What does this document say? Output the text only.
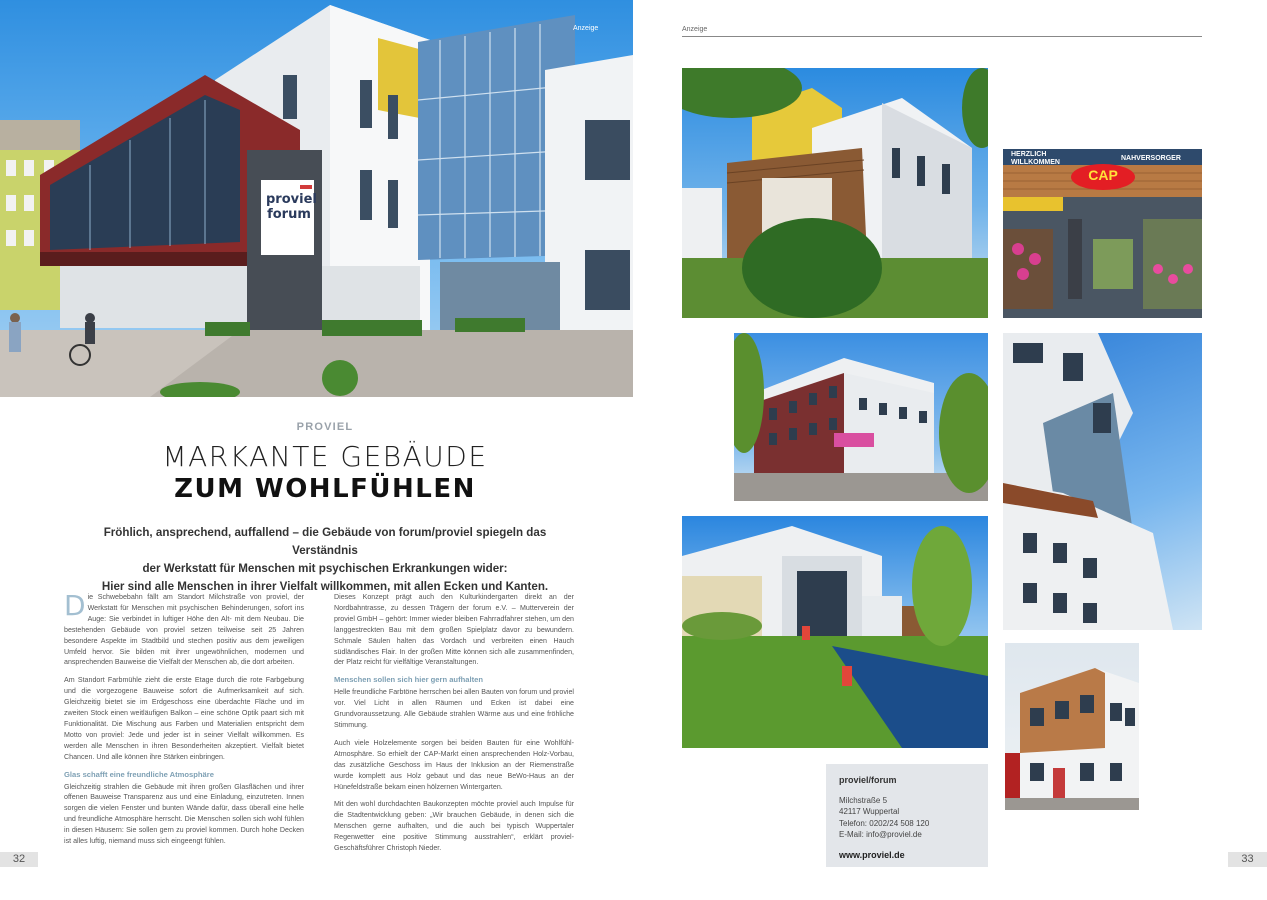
proviel
forum
Anzeige
PROVIEL
MARKANTE GEBÄUDE
ZUM WOHLFÜHLEN
Fröhlich, ansprechend, auffallend – die Gebäude von forum/proviel spiegeln das Verständnis
der Werkstatt für Menschen mit psychischen Erkrankungen wider:
Hier sind alle Menschen in ihrer Vielfalt willkommen, mit allen Ecken und Kanten.

Die Schwebebahn fällt am Standort Milchstraße von proviel, der Werkstatt für Menschen mit psychischen Behinderungen, sofort ins Auge: Sie verbindet in luftiger Höhe den Alt- mit dem Neubau. Die bestehenden Gebäude von proviel setzen teilweise seit 25 Jahren besondere Aspekte im Stadtbild und stechen positiv aus dem jeweiligen Umfeld hervor. Sie bilden mit ihrer ungewöhnlichen, modernen und ansprechenden Bauweise die Vielfalt der Menschen ab, die dort arbeiten.

Am Standort Farbmühle zieht die erste Etage durch die rote Farbgebung und die vorgezogene Bauweise sofort die Aufmerksamkeit auf sich. Gleichzeitig bietet sie im Erdgeschoss eine überdachte Fläche und im zweiten Stock einen weitläufigen Balkon – eine schöne Optik paart sich mit Funktionalität. Die Mischung aus Farben und Materialien entspricht dem Motto von proviel: Jede und jeder ist in seiner Vielfalt willkommen. Es werden alle Menschen in ihren Besonderheiten akzeptiert. Vielfalt bietet Chancen. Und alle können ihre Stärken einbringen.

Glas schafft eine freundliche Atmosphäre

Gleichzeitig strahlen die Gebäude mit ihren großen Glasflächen und ihrer offenen Bauweise Transparenz aus und eine Einladung, einzutreten. Innen sorgen die vielen Fenster und bunten Wände dafür, dass überall eine helle und freundliche Atmosphäre herrscht. Die Menschen sollen sich wohl fühlen in diesen Häusern: Sie sollen gern zu proviel kommen. Durch hohe Decken ist alles luftig, niemand muss sich eingeengt fühlen.

Dieses Konzept prägt auch den Kulturkindergarten direkt an der Nordbahntrasse, zu dessen Trägern der forum e.V. – Mutterverein der proviel GmbH – gehört: Immer wieder bleiben Fahrradfahrer stehen, um den langgestreckten Bau mit dem großen Spielplatz davor zu bewundern. Schmale Säulen halten das Vordach und verbreiten einen Hauch südländisches Flair. In der großen Mitte können sich alle zusammenfinden, der Platz reicht für vielfältige Veranstaltungen.

Menschen sollen sich hier gern aufhalten

Helle freundliche Farbtöne herrschen bei allen Bauten von forum und proviel vor. Viel Licht in allen Räumen und Ecken ist dabei eine Grundvoraussetzung. Alle Gebäude strahlen Wärme aus und eine fröhliche Stimmung.

Auch viele Holzelemente sorgen bei beiden Bauten für eine Wohlfühl-Atmosphäre. So erhielt der CAP-Markt einen ansprechenden Holz-Vorbau, das zusätzliche Geschoss im Haus der Inklusion an der Riemenstraße wurde komplett aus Holz gebaut und das neue BeWo-Haus an der Hünefeldstraße bekam einen hölzernen Wintergarten.

Mit den wohl durchdachten Baukonzepten möchte proviel auch Impulse für die Stadtentwicklung geben: „Wir brauchen Gebäude, in denen sich die Menschen gerne aufhalten, und die auch bei typisch Wuppertaler Regenwetter eine positive Stimmung ausstrahlen“, erklärt proviel-Geschäftsführer Christoph Nieder.

32
Anzeige
CAP
HERZLICH
WILLKOMMEN
NAHVERSORGER
proviel/forum
Milchstraße 5
42117 Wuppertal
Telefon: 0202/24 508 120
E-Mail: info@proviel.de
www.proviel.de	33
